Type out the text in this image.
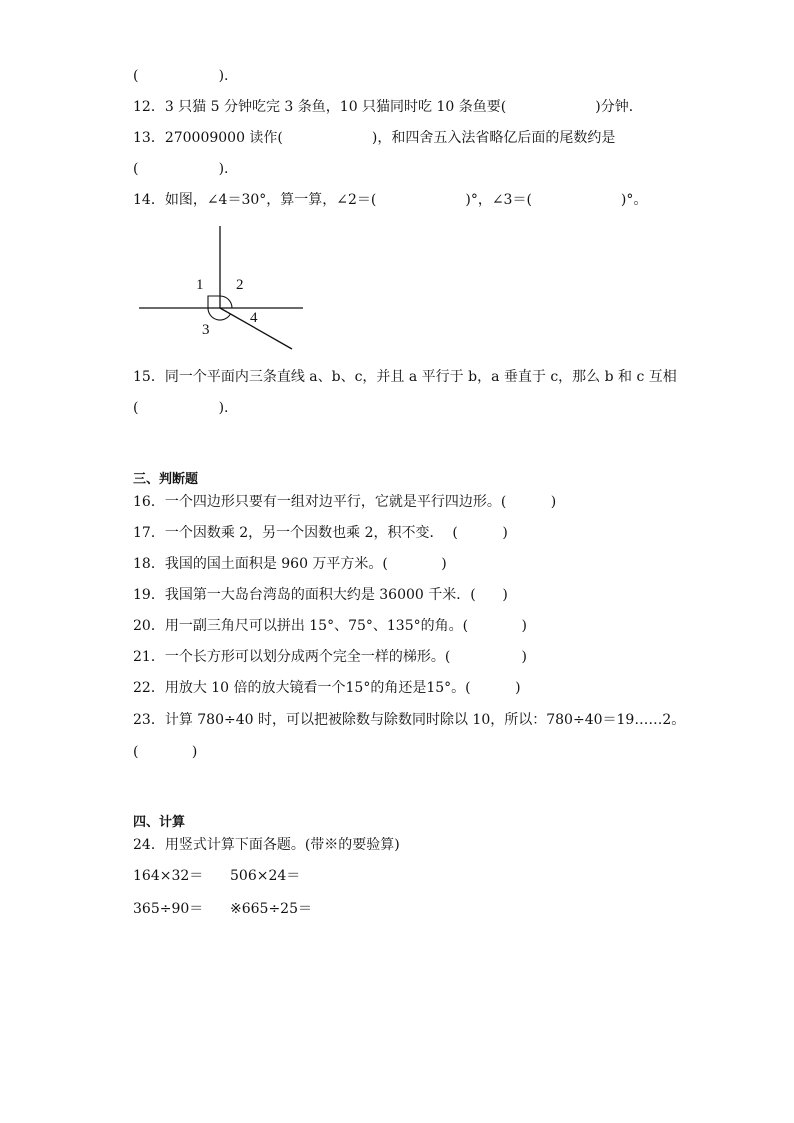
(                  ).
12．3 只猫 5 分钟吃完 3 条鱼，10 只猫同时吃 10 条鱼要(                    )分钟．
13．270009000 读作(                    )，和四舍五入法省略亿后面的尾数约是
(                  ).
14．如图，∠4＝30°，算一算，∠2＝(                    )°，∠3＝(                    )°。
1 2
3
4
15．同一个平面内三条直线 a、b、c，并且 a 平行于 b，a 垂直于 c，那么 b 和 c 互相
(                  ).
三、判断题
16．一个四边形只要有一组对边平行，它就是平行四边形。(          )
17．一个因数乘 2，另一个因数也乘 2，积不变．  (          )
18．我国的国土面积是 960 万平方米。(            )
19．我国第一大岛台湾岛的面积大约是 36000 千米．(      )
20．用一副三角尺可以拼出 15°、75°、135°的角。(            )
21．一个长方形可以划分成两个完全一样的梯形。(                )
22．用放大 10 倍的放大镜看一个15°的角还是15°。(          )
23．计算 780÷40 时，可以把被除数与除数同时除以 10，所以：780÷40＝19……2。
(            )
四、计算
24．用竖式计算下面各题。(带※的要验算)
164×32＝ 506×24＝
365÷90＝ ※665÷25＝
